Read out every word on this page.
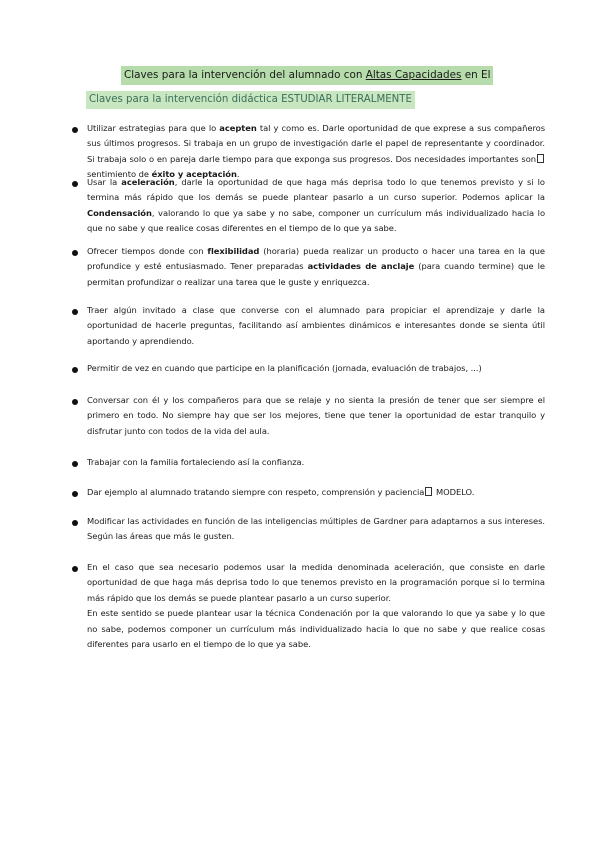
Claves para la intervención del alumnado con Altas Capacidades en El
Claves para la intervención didáctica ESTUDIAR LITERALMENTE
Utilizar estrategias para que lo acepten tal y como es. Darle oportunidad de que exprese a sus compañeros sus últimos progresos. Si trabaja en un grupo de investigación darle el papel de representante y coordinador. Si trabaja solo o en pareja darle tiempo para que exponga sus progresos. Dos necesidades importantes son sentimiento de éxito y aceptación.
Usar la aceleración, darle la oportunidad de que haga más deprisa todo lo que tenemos previsto y si lo termina más rápido que los demás se puede plantear pasarlo a un curso superior. Podemos aplicar la Condensación, valorando lo que ya sabe y no sabe, componer un currículum más individualizado hacia lo que no sabe y que realice cosas diferentes en el tiempo de lo que ya sabe.
Ofrecer tiempos donde con flexibilidad (horaria) pueda realizar un producto o hacer una tarea en la que profundice y esté entusiasmado. Tener preparadas actividades de anclaje (para cuando termine) que le permitan profundizar o realizar una tarea que le guste y enriquezca.
Traer algún invitado a clase que converse con el alumnado para propiciar el aprendizaje y darle la oportunidad de hacerle preguntas, facilitando así ambientes dinámicos e interesantes donde se sienta útil aportando y aprendiendo.
Permitir de vez en cuando que participe en la planificación (jornada, evaluación de trabajos, ...)
Conversar con él y los compañeros para que se relaje y no sienta la presión de tener que ser siempre el primero en todo. No siempre hay que ser los mejores, tiene que tener la oportunidad de estar tranquilo y disfrutar junto con todos de la vida del aula.
Trabajar con la familia fortaleciendo así la confianza.
Dar ejemplo al alumnado tratando siempre con respeto, comprensión y paciencia MODELO.
Modificar las actividades en función de las inteligencias múltiples de Gardner para adaptarnos a sus intereses. Según las áreas que más le gusten.
En el caso que sea necesario podemos usar la medida denominada aceleración, que consiste en darle oportunidad de que haga más deprisa todo lo que tenemos previsto en la programación porque si lo termina más rápido que los demás se puede plantear pasarlo a un curso superior.
En este sentido se puede plantear usar la técnica Condenación por la que valorando lo que ya sabe y lo que no sabe, podemos componer un currículum más individualizado hacia lo que no sabe y que realice cosas diferentes para usarlo en el tiempo de lo que ya sabe.
